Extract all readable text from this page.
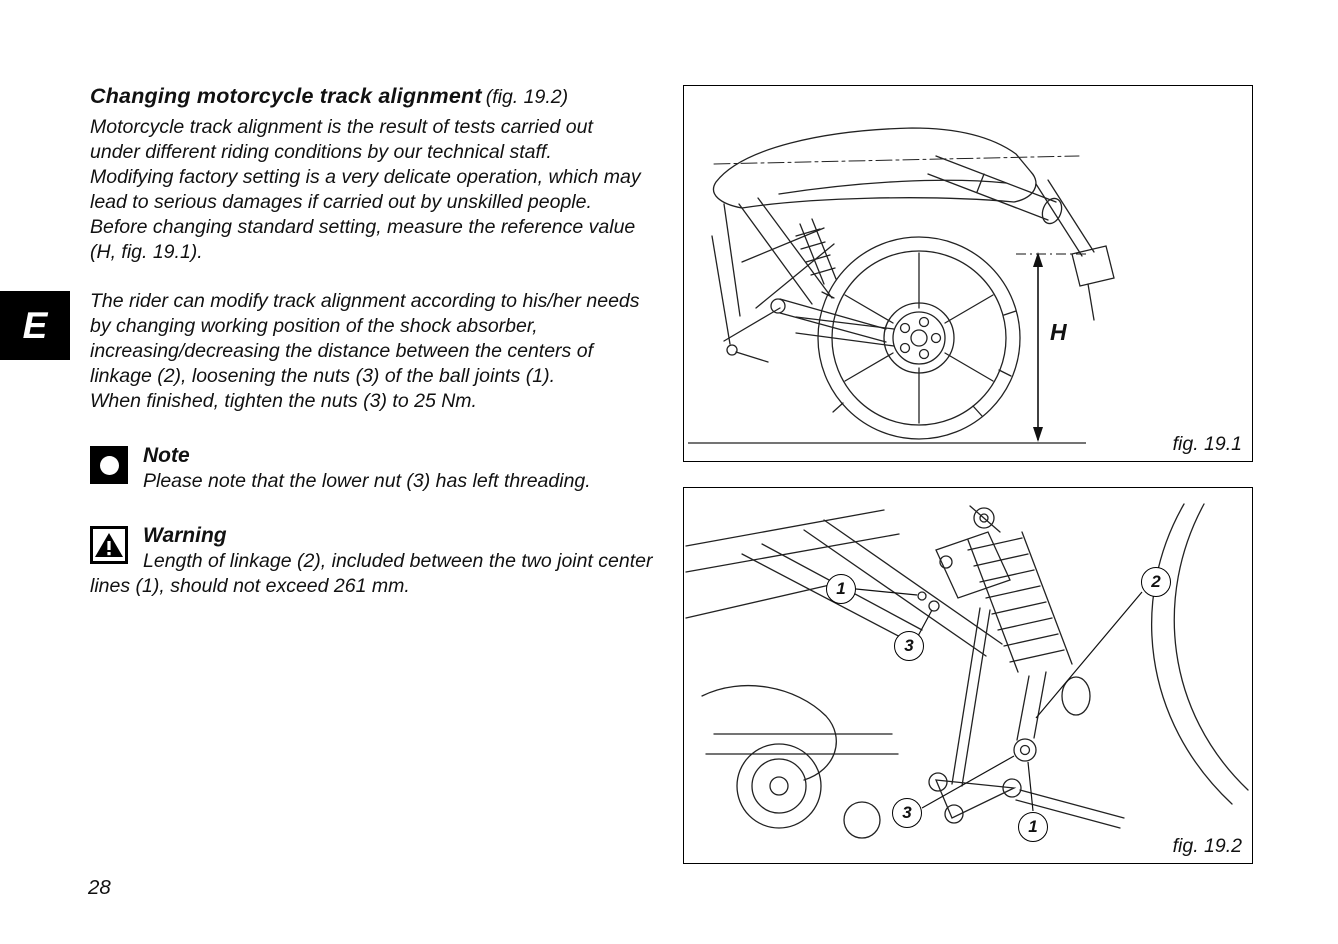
E
Changing motorcycle track alignment (fig. 19.2)

Motorcycle track alignment is the result of tests carried out under different riding conditions by our technical staff.

Modifying factory setting is a very delicate operation, which may lead to serious damages if carried out by unskilled people.

Before changing standard setting, measure the reference value (H, fig. 19.1).

The rider can modify track alignment according to his/her needs by changing working position of the shock absorber, increasing/decreasing the distance between the centers of linkage (2), loosening the nuts (3) of the ball joints (1).

When finished, tighten the nuts (3) to 25 Nm.

Note

Please note that the lower nut (3) has left threading.

Warning

Length of linkage (2), included between the two joint center lines (1), should not exceed 261 mm.

H
fig. 19.1
1	2
3
3
1
fig. 19.2
28
